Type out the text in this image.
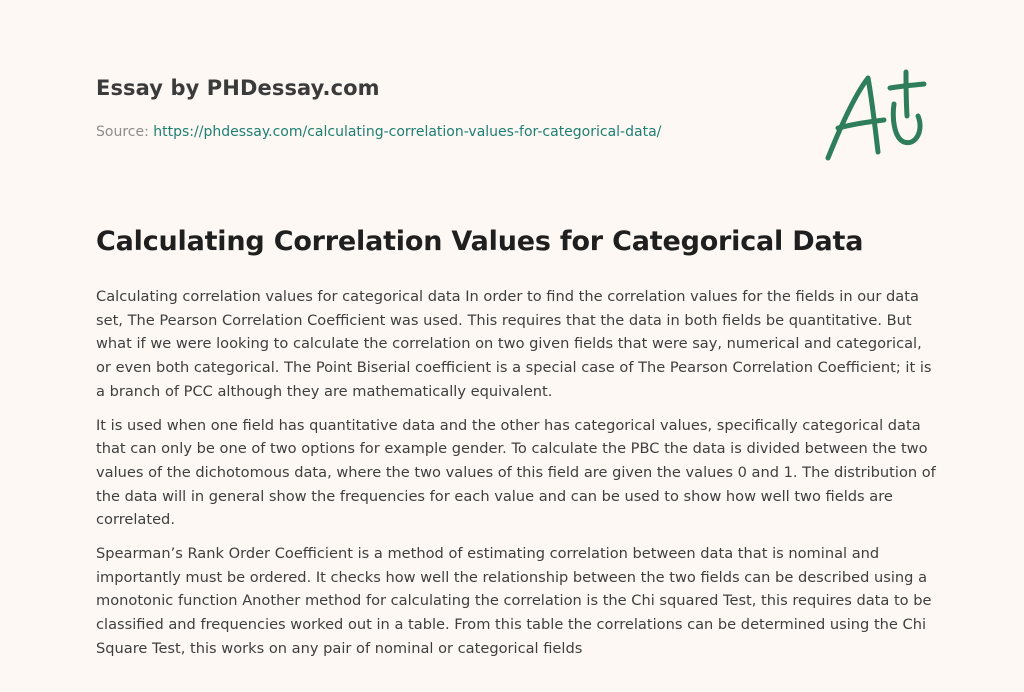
Essay by PHDessay.com
Source: https://phdessay.com/calculating-correlation-values-for-categorical-data/
Calculating Correlation Values for Categorical Data

Calculating correlation values for categorical data In order to find the correlation values for the fields in our data set, The Pearson Correlation Coefficient was used. This requires that the data in both fields be quantitative. But what if we were looking to calculate the correlation on two given fields that were say, numerical and categorical, or even both categorical. The Point Biserial coefficient is a special case of The Pearson Correlation Coefficient; it is a branch of PCC although they are mathematically equivalent.

It is used when one field has quantitative data and the other has categorical values, specifically categorical data that can only be one of two options for example gender. To calculate the PBC the data is divided between the two values of the dichotomous data, where the two values of this field are given the values 0 and 1. The distribution of the data will in general show the frequencies for each value and can be used to show how well two fields are correlated.

Spearman’s Rank Order Coefficient is a method of estimating correlation between data that is nominal and importantly must be ordered. It checks how well the relationship between the two fields can be described using a monotonic function Another method for calculating the correlation is the Chi squared Test, this requires data to be classified and frequencies worked out in a table. From this table the correlations can be determined using the Chi Square Test, this works on any pair of nominal or categorical fields
